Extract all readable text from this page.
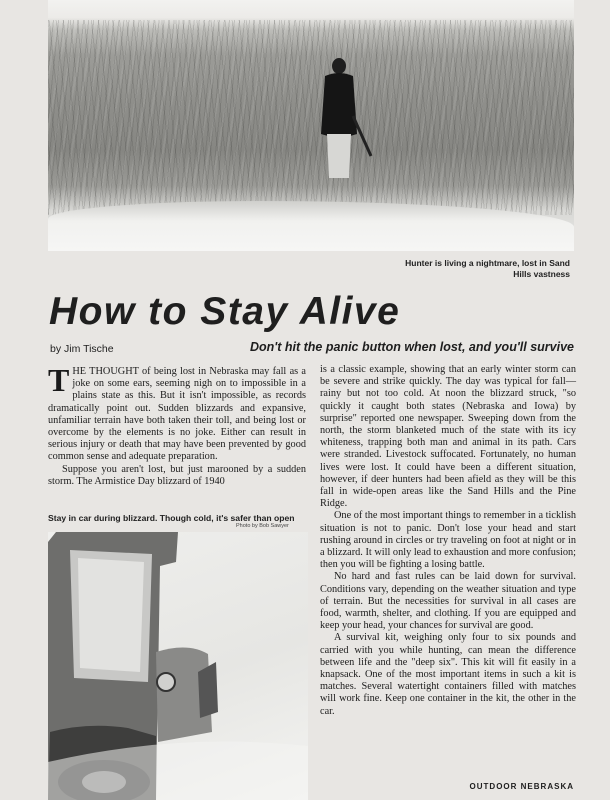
Hunter is living a nightmare, lost in Sand Hills vastness
How to Stay Alive
by Jim Tische	Don't hit the panic button when lost, and you'll survive

THE THOUGHT of being lost in Nebraska may fall as a joke on some ears, seeming nigh on to impossible in a plains state as this. But it isn't impossible, as records dramatically point out. Sudden blizzards and expansive, unfamiliar terrain have both taken their toll, and being lost or overcome by the elements is no joke. Either can result in serious injury or death that may have been prevented by good common sense and adequate preparation.

Suppose you aren't lost, but just marooned by a sudden storm. The Armistice Day blizzard of 1940

Stay in car during blizzard. Though cold, it's safer than open
Photo by Bob Sawyer

is a classic example, showing that an early winter storm can be severe and strike quickly. The day was typical for fall—rainy but not too cold. At noon the blizzard struck, "so quickly it caught both states (Nebraska and Iowa) by surprise" reported one newspaper. Sweeping down from the north, the storm blanketed much of the state with its icy whiteness, trapping both man and animal in its path. Cars were stranded. Livestock suffocated. Fortunately, no human lives were lost. It could have been a different situation, however, if deer hunters had been afield as they will be this fall in wide-open areas like the Sand Hills and the Pine Ridge.

One of the most important things to remember in a ticklish situation is not to panic. Don't lose your head and start rushing around in circles or try traveling on foot at night or in a blizzard. It will only lead to exhaustion and more confusion; then you will be fighting a losing battle.

No hard and fast rules can be laid down for survival. Conditions vary, depending on the weather situation and type of terrain. But the necessities for survival in all cases are food, warmth, shelter, and clothing. If you are equipped and keep your head, your chances for survival are good.

A survival kit, weighing only four to six pounds and carried with you while hunting, can mean the difference between life and the "deep six". This kit will fit easily in a knapsack. One of the most important items in such a kit is matches. Several watertight containers filled with matches will work fine. Keep one container in the kit, the other in the car.

OUTDOOR NEBRASKA
